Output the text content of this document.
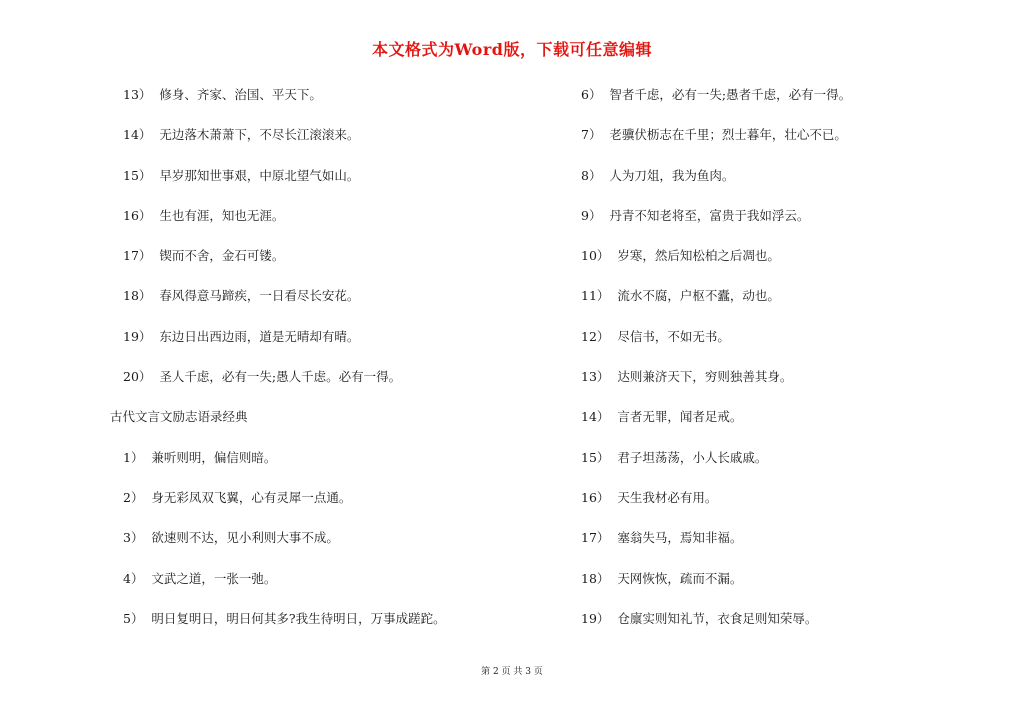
本文格式为Word版，下载可任意编辑
13） 修身、齐家、治国、平天下。
14） 无边落木萧萧下，不尽长江滚滚来。
15） 早岁那知世事艰，中原北望气如山。
16） 生也有涯，知也无涯。
17） 锲而不舍，金石可镂。
18） 春风得意马蹄疾，一日看尽长安花。
19） 东边日出西边雨，道是无晴却有晴。
20） 圣人千虑，必有一失;愚人千虑。必有一得。
古代文言文励志语录经典
1） 兼听则明，偏信则暗。
2） 身无彩凤双飞翼，心有灵犀一点通。
3） 欲速则不达，见小利则大事不成。
4） 文武之道，一张一弛。
5） 明日复明日，明日何其多?我生待明日，万事成蹉跎。
6） 智者千虑，必有一失;愚者千虑，必有一得。
7） 老骥伏枥志在千里；烈士暮年，壮心不已。
8） 人为刀俎，我为鱼肉。
9） 丹青不知老将至，富贵于我如浮云。
10） 岁寒，然后知松柏之后凋也。
11） 流水不腐，户枢不蠹，动也。
12） 尽信书，不如无书。
13） 达则兼济天下，穷则独善其身。
14） 言者无罪，闻者足戒。
15） 君子坦荡荡，小人长戚戚。
16） 天生我材必有用。
17） 塞翁失马，焉知非福。
18） 天网恢恢，疏而不漏。
19） 仓廪实则知礼节，衣食足则知荣辱。
第 2 页 共 3 页
